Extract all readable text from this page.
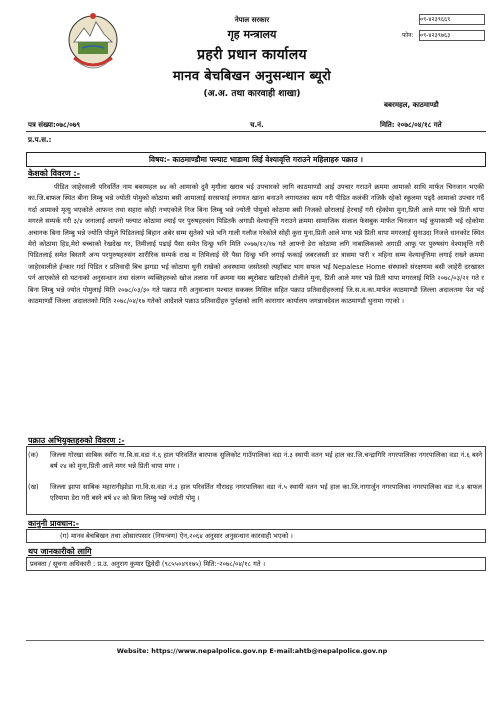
नेपाल सरकार
गृह मन्त्रालय
प्रहरी प्रधान कार्यालय
मानव बेचबिखन अनुसन्धान ब्यूरो
(अ.अ. तथा कारवाही शाखा)
०९-४२३९६६९
फोन: ०९-४२३९७६३
बबरमहल, काठमाण्डौ
पत्र संख्या:०७८/०७९	च.नं.	मिति: २०७८/०४/१८ गते
प्र.प.स.:
विषय:- काठमाण्डौमा फ्ल्याट भाडामा लिई वेश्यावृत्ति गराउने महिलाहरु पक्राउ ।
केशको विवरण :-

पीडित जाहेरवाली परिवर्तित नाम बबरमहल ७४ को आमाको दुवै मृगौला खराब भई उपचारको लागि काठमाण्डौ आई उपचार गराउने क्रममा आमाको साथि मार्फत चिनजान भएकी का.जि.बाफल स्थित बीना लिम्बु भन्ने ज्योती पोमुको कोठामा बसी आमालाई सरसफाई लगायत खाना बनाउने लगायतका काम गरी पीडित कलंकी नजिकै रहेको स्कुलमा पढ्दै आमाको उपचार गर्दै गर्दा आमाको मृत्यु भएकोले आफन्त तथा सहारा कोही नभएकोले निज बिना लिम्बु भन्ने ज्योती पोमुको कोठामा बसी निजको छोरालाई हेरचाहँ गरी रहेकोमा मुना,प्रिती आले मगर भन्ने प्रिती थापा मगरले सम्पर्क गरी ३/४ जनालाई आफ्नो फ्ल्याट कोठामा ल्याई पर पुरुषहरुसंग पिडितकै अगाडी वेश्यावृत्ति गराउने क्रममा सामाजिक संजाल फेसबुक मार्फत चिनजान भई कुपाकामी भई रहेकोमा अचानक बिना लिम्बु भन्ने ज्योति पोमुले पिडितलाई बिहान अबेर सम्म सुतेको भन्ने भनि गाली गलौज गरेकोले सोही कुरा मुना,प्रिती आले मगर भन्ने प्रिती थापा मगरलाई सुनाउदा निजले धानकोट स्थित मेरो कोठामा हिड,मेरो बच्चाको रेखदेख गर, तिमीलाई पढाई पैसा समेत दिन्छु भनि मिति २०७७/१२/१७ गते आफ्नो डेरा कोठामा लगि नाबालिकाको अगाडी आफु पर पुरुषसंग वेश्यावृत्ति गरी पिडितलाई समेत बिस्तारै अन्य परपुरुषहरुसंग शारीरिक सम्पर्क राख म तिमिलाई धेरै पैसा दिन्छु भनि लगाई फकाई जबरजस्ती डर त्रासमा पारी १ महिना सम्म वेश्यावृत्तिमा लगाई राख्ने क्रममा जाहेरवालीले ईन्कार गर्दा पिडित र प्रतिवादी बिच झगडा भई कोठामा थुनी राखेको अवस्थामा जसोतसो त्यहाँबाट भाग सफल भई Nepalese Home संस्थाको संरक्षणमा बसी जाहेरी दरखास्त पर्न आएकोले सो घटनाको अनुसन्धान तथा संलग्न व्यक्तिहरुको खोज तलास गर्ने क्रममा यस ब्यूरोबाट खटिएको टोलीले मुना, प्रिती आले मगर भन्ने प्रिती थापा मगरलाई मिति २०७८/०३/२१ गते र बिना लिम्बु भन्ने ज्योत पोमुलाई मिति २०७८/०३/३० गते पक्राउ गरी अनुसन्धान पश्चात सकक्ल मिसिल सहित पक्राउ प्रतिवादीहरुलाई जि.स.व.का.मार्फत काठमाण्डौ जिल्ला अदालतमा पेश भई काठमाण्डौं जिल्ला अदालतको मिति २०७८/०४/१७ गतेको आदेशले पक्राउ प्रतिवादीहरु पुर्पक्षको लागि कारागार कार्यालय जगन्नाथदेवल काठमाण्डौ थुनामा गएको ।

पक्राउ अभियुक्तहरुको विवरण :-
(क)	जिल्ला गोरखा साबिक स्वाँरा गा.बि.स.वडा नं.६ हाल परिवर्तित बारपाक सुलिकोट गाउँपालिका वडा नं.३ स्थायी वतन भई हाल का.जि.चन्द्रागिरि नगरपालिका नगरपालिका वडा नं.६ बस्ने बर्ष २४ को मुना,प्रिती आले मगर भन्ने प्रिती थापा मगर ।
(ख)	जिल्ला झापा साबिक महारानीझोडा गा.वि.स.वडा नं.३ हाल परिवर्तित गौरादह नगरपालिका वडा नं.५ स्थायी वतन भई हाल का.जि.नागार्जुन नगरपालिका नगरपालिका वडा नं.४ बाफल एरियामा डेरा गरी बस्ने बर्ष ४२ को बिना लिम्बु भन्ने ज्योती पोमु ।
कानुनी प्रावधान:-
(ग) मानव बेचबिखन तथा ओसारपसार (नियन्त्रण) ऐन,२०६४ अनुसार अनुसन्धान कारवाही भएको ।
थप जानकारीको लागि
प्रवक्ता / सूचना अधिकारी : प्र.उ. अनुराग कुमार द्विवेदी (९८५५०४९१७५) मिति:-२०७८/०४/१८ गते ।
Website: https://www.nepalpolice.gov.np E-mail:ahtb@nepalpolice.gov.np
